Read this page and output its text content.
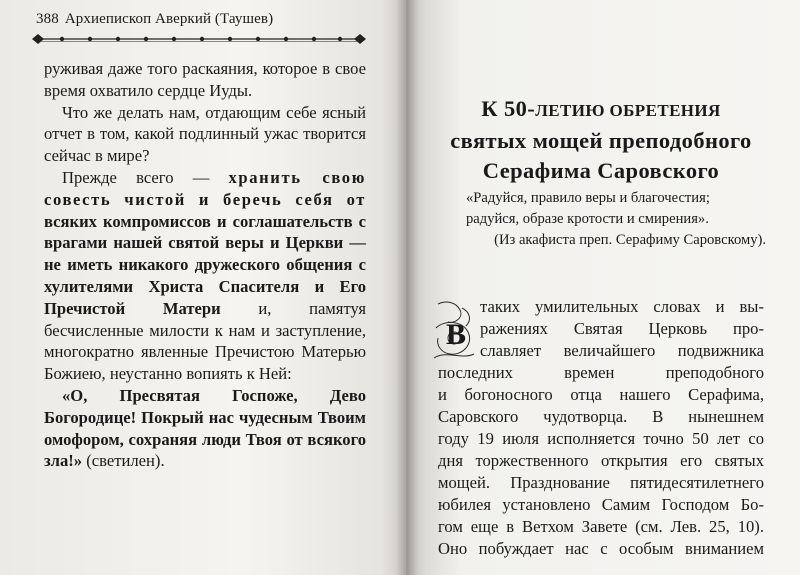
388 Архиепископ Аверкий (Таушев)

руживая даже того раскаяния, которое в свое время охватило сердце Иуды.

Что же делать нам, отдающим себе ясный отчет в том, какой подлинный ужас творится сейчас в мире?

Прежде всего — хранить свою совесть чистой и беречь себя от всяких компромиссов и соглашательств с врагами нашей святой веры и Церкви — не иметь никакого дружеского общения с хулителями Христа Спасителя и Его Пречистой Матери и, памятуя бесчисленные милости к нам и заступление, многократно явленные Пречистою Матерью Божиею, неустанно вопиять к Ней:

«О, Пресвятая Госпоже, Дево Богородице! Покрый нас чудесным Твоим омофором, сохраняя люди Твоя от всякого зла!» (светилен).

К 50-ЛЕТИЮ ОБРЕТЕНИЯ
святых мощей преподобного
Серафима Саровского
«Радуйся, правило веры и благочестия;
радуйся, образе кротости и смирения».
(Из акафиста преп. Серафиму Саровскому).
В
таких умилительных словах и вы-
ражениях Святая Церковь про-
славляет величайшего подвижника
последних времен преподобного
и богоносного отца нашего Серафима,
Саровского чудотворца. В нынешнем
году 19 июля исполняется точно 50 лет со
дня торжественного открытия его святых
мощей. Празднование пятидесятилетнего
юбилея установлено Самим Господом Бо-
гом еще в Ветхом Завете (см. Лев. 25, 10).
Оно побуждает нас с особым вниманием
